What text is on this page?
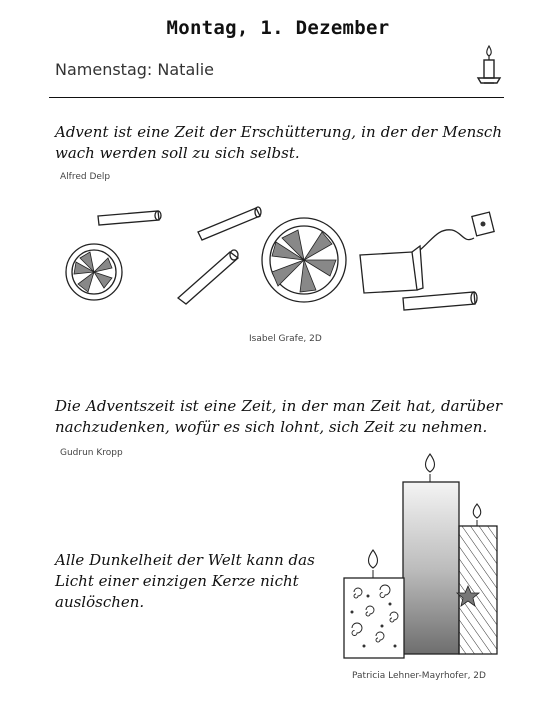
Montag, 1. Dezember
Namenstag: Natalie
Advent ist eine Zeit der Erschütterung, in der der Mensch wach werden soll zu sich selbst.
Alfred Delp
Isabel Grafe, 2D
Die Adventszeit ist eine Zeit, in der man Zeit hat, darüber nachzudenken, wofür es sich lohnt, sich Zeit zu nehmen.
Gudrun Kropp
Alle Dunkelheit der Welt kann das Licht einer einzigen Kerze nicht auslöschen.
Patricia Lehner-Mayrhofer, 2D
